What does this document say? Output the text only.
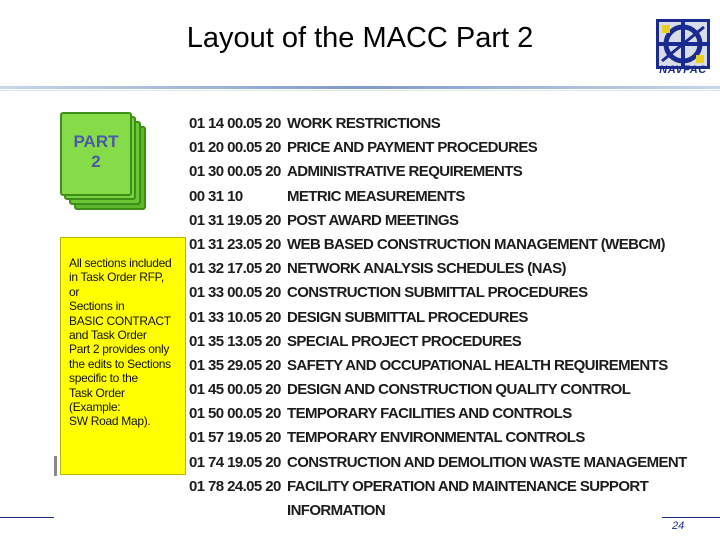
Layout of the MACC Part 2
NAVFAC
PART
2
All sections included
in Task Order RFP,
or
Sections in
BASIC CONTRACT
and Task Order
Part 2 provides only
the edits to Sections
specific to the
Task Order
(Example:
SW Road Map).
01 14 00.05 20 WORK RESTRICTIONS
01 20 00.05 20 PRICE AND PAYMENT PROCEDURES
01 30 00.05 20 ADMINISTRATIVE REQUIREMENTS
00 31 10	METRIC MEASUREMENTS
01 31 19.05 20 POST AWARD MEETINGS
01 31 23.05 20 WEB BASED CONSTRUCTION MANAGEMENT (WEBCM)
01 32 17.05 20 NETWORK ANALYSIS SCHEDULES (NAS)
01 33 00.05 20 CONSTRUCTION SUBMITTAL PROCEDURES
01 33 10.05 20 DESIGN SUBMITTAL PROCEDURES
01 35 13.05 20 SPECIAL PROJECT PROCEDURES
01 35 29.05 20 SAFETY AND OCCUPATIONAL HEALTH REQUIREMENTS
01 45 00.05 20 DESIGN AND CONSTRUCTION QUALITY CONTROL
01 50 00.05 20 TEMPORARY FACILITIES AND CONTROLS
01 57 19.05 20 TEMPORARY ENVIRONMENTAL CONTROLS
01 74 19.05 20 CONSTRUCTION AND DEMOLITION WASTE MANAGEMENT
01 78 24.05 20 FACILITY OPERATION AND MAINTENANCE SUPPORT
INFORMATION
24
